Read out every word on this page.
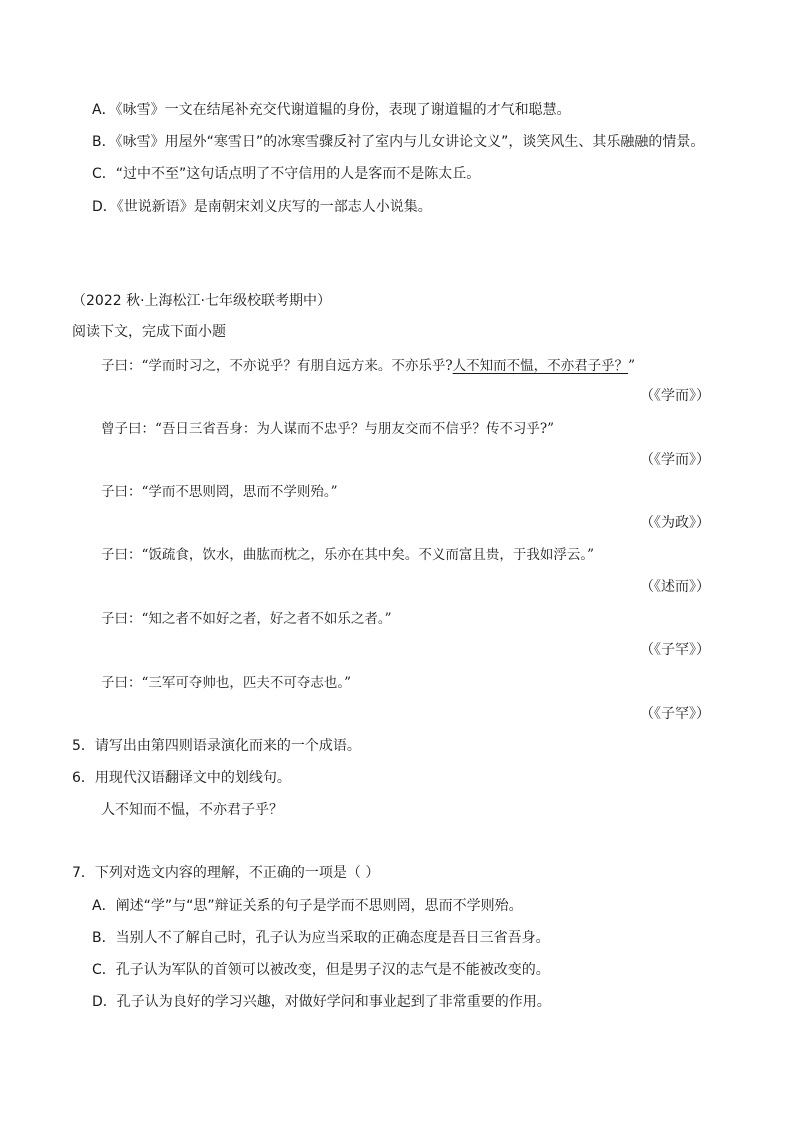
A．《咏雪》一文在结尾补充交代谢道韫的身份，表现了谢道韫的才气和聪慧。
B．《咏雪》用屋外“寒雪日”的冰寒雪骤反衬了室内与儿女讲论文义”，谈笑风生、其乐融融的情景。
C．“过中不至”这句话点明了不守信用的人是客而不是陈太丘。
D．《世说新语》是南朝宋刘义庆写的一部志人小说集。
（2022 秋·上海松江·七年级校联考期中）
阅读下文，完成下面小题
子曰：“学而时习之，不亦说乎？有朋自远方来。不亦乐乎?人不知而不愠，不亦君子乎？”
（《学而》）
曾子曰：“吾日三省吾身：为人谋而不忠乎？与朋友交而不信乎？传不习乎?”
（《学而》）
子曰：“学而不思则罔，思而不学则殆。”
（《为政》）
子曰：“饭疏食，饮水，曲肱而枕之，乐亦在其中矣。不义而富且贵，于我如浮云。”
（《述而》）
子曰：“知之者不如好之者，好之者不如乐之者。”
（《子罕》）
子曰：“三军可夺帅也，匹夫不可夺志也。”
（《子罕》）
5．请写出由第四则语录演化而来的一个成语。
6．用现代汉语翻译文中的划线句。
人不知而不愠，不亦君子乎？
7．下列对选文内容的理解，不正确的一项是（ ）
A．阐述“学”与“思”辩证关系的句子是学而不思则罔，思而不学则殆。
B．当别人不了解自己时，孔子认为应当采取的正确态度是吾日三省吾身。
C．孔子认为军队的首领可以被改变，但是男子汉的志气是不能被改变的。
D．孔子认为良好的学习兴趣，对做好学问和事业起到了非常重要的作用。
